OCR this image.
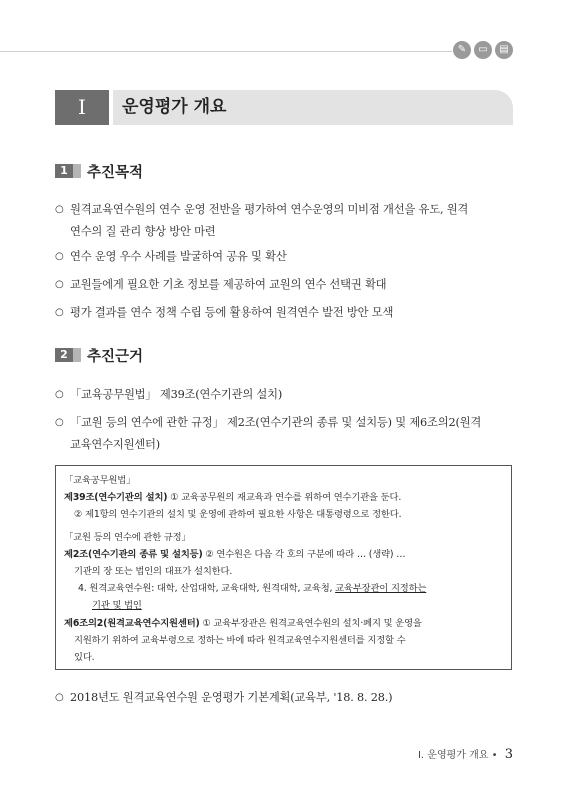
✎	▭	▤
I	운영평가 개요
1	추진목적
○ 원격교육연수원의 연수 운영 전반을 평가하여 연수운영의 미비점 개선을 유도, 원격
연수의 질 관리 향상 방안 마련
○ 연수 운영 우수 사례를 발굴하여 공유 및 확산
○ 교원들에게 필요한 기초 정보를 제공하여 교원의 연수 선택권 확대
○ 평가 결과를 연수 정책 수립 등에 활용하여 원격연수 발전 방안 모색
2	추진근거
○ 「교육공무원법」 제39조(연수기관의 설치)
○ 「교원 등의 연수에 관한 규정」 제2조(연수기관의 종류 및 설치등) 및 제6조의2(원격
교육연수지원센터)

「교육공무원법」

제39조(연수기관의 설치) ① 교육공무원의 재교육과 연수를 위하여 연수기관을 둔다.

② 제1항의 연수기관의 설치 및 운영에 관하여 필요한 사항은 대통령령으로 정한다.

「교원 등의 연수에 관한 규정」

제2조(연수기관의 종류 및 설치등) ② 연수원은 다음 각 호의 구분에 따라 … (생략) …

기관의 장 또는 법인의 대표가 설치한다.

4. 원격교육연수원: 대학, 산업대학, 교육대학, 원격대학, 교육청, 교육부장관이 지정하는

기관 및 법인

제6조의2(원격교육연수지원센터) ① 교육부장관은 원격교육연수원의 설치·폐지 및 운영을

지원하기 위하여 교육부령으로 정하는 바에 따라 원격교육연수지원센터를 지정할 수

있다.

○ 2018년도 원격교육연수원 운영평가 기본계획(교육부, '18. 8. 28.)
Ⅰ. 운영평가 개요 • 3
